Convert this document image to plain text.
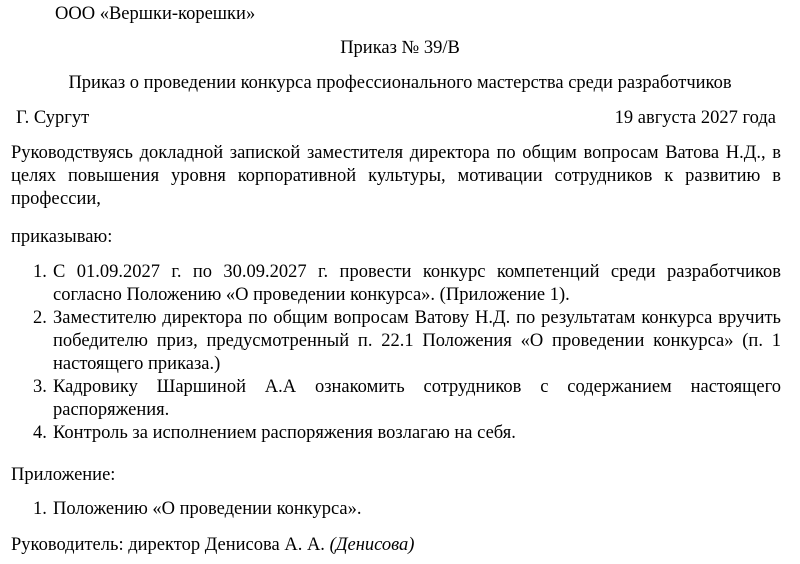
ООО «Вершки-корешки»
Приказ № 39/В
Приказ о проведении конкурса профессионального мастерства среди разработчиков
Г. Сургут	19 августа 2027 года
Руководствуясь докладной запиской заместителя директора по общим вопросам Ватова Н.Д., в целях повышения уровня корпоративной культуры, мотивации сотрудников к развитию в профессии,
приказываю:
1. С 01.09.2027 г. по 30.09.2027 г. провести конкурс компетенций среди разработчиков согласно Положению «О проведении конкурса». (Приложение 1).
2. Заместителю директора по общим вопросам Ватову Н.Д. по результатам конкурса вручить победителю приз, предусмотренный п. 22.1 Положения «О проведении конкурса» (п. 1 настоящего приказа.)
3. Кадровику Шаршиной А.А ознакомить сотрудников с содержанием настоящего распоряжения.
4. Контроль за исполнением распоряжения возлагаю на себя.
Приложение:
1. Положению «О проведении конкурса».
Руководитель: директор Денисова А. А. (Денисова)
